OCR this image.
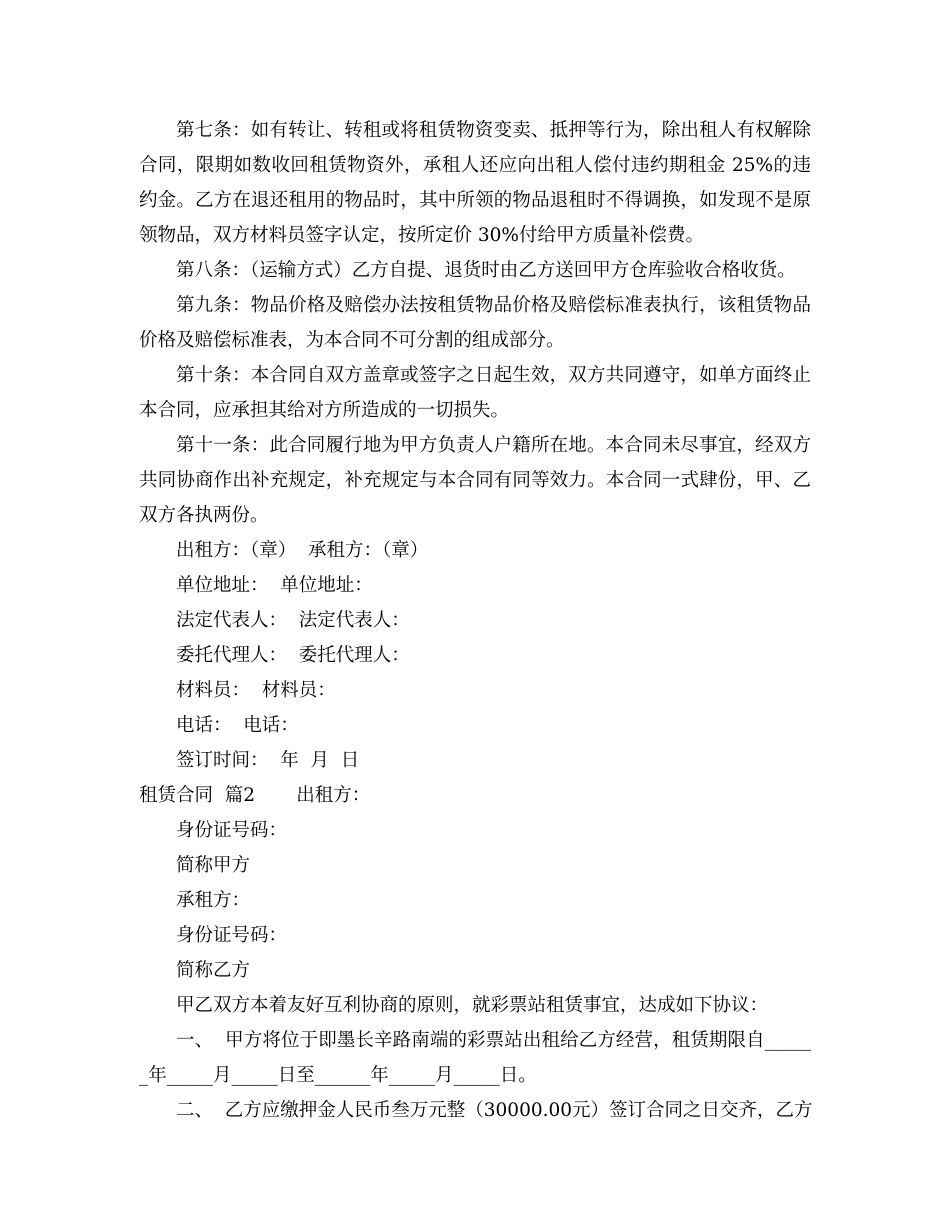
第七条：如有转让、转租或将租赁物资变卖、抵押等行为，除出租人有权解除
合同，限期如数收回租赁物资外，承租人还应向出租人偿付违约期租金 25%的违
约金。乙方在退还租用的物品时，其中所领的物品退租时不得调换，如发现不是原
领物品，双方材料员签字认定，按所定价 30%付给甲方质量补偿费。
第八条：（运输方式）乙方自提、退货时由乙方送回甲方仓库验收合格收货。
第九条：物品价格及赔偿办法按租赁物品价格及赔偿标准表执行，该租赁物品
价格及赔偿标准表，为本合同不可分割的组成部分。
第十条：本合同自双方盖章或签字之日起生效，双方共同遵守，如单方面终止
本合同，应承担其给对方所造成的一切损失。
第十一条：此合同履行地为甲方负责人户籍所在地。本合同未尽事宜，经双方
共同协商作出补充规定，补充规定与本合同有同等效力。本合同一式肆份，甲、乙
双方各执两份。
出租方：（章）  承租方：（章）
单位地址：  单位地址：
法定代表人：  法定代表人：
委托代理人：  委托代理人：
材料员：  材料员：
电话：  电话：
签订时间：  年  月  日
租赁合同  篇2       出租方：
身份证号码：
简称甲方
承租方：
身份证号码：
简称乙方
甲乙双方本着友好互利协商的原则，就彩票站租赁事宜，达成如下协议：
一、  甲方将位于即墨长辛路南端的彩票站出租给乙方经营，租赁期限自_____
_年_____月_____日至______年_____月_____日。
二、  乙方应缴押金人民币叁万元整（30000.00元）签订合同之日交齐，乙方
